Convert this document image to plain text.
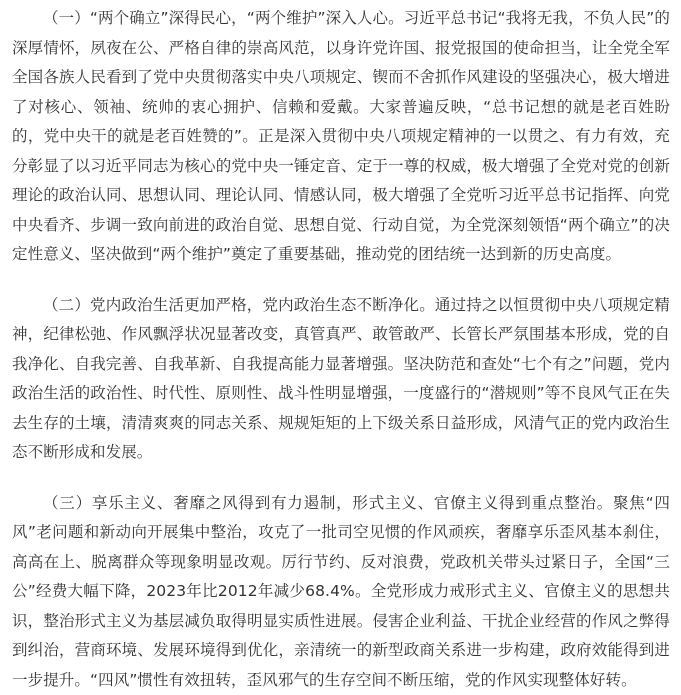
（一）“两个确立”深得民心，“两个维护”深入人心。习近平总书记“我将无我，不负人民”的深厚情怀，夙夜在公、严格自律的崇高风范，以身许党许国、报党报国的使命担当，让全党全军全国各族人民看到了党中央贯彻落实中央八项规定、锲而不舍抓作风建设的坚强决心，极大增进了对核心、领袖、统帅的衷心拥护、信赖和爱戴。大家普遍反映，“总书记想的就是老百姓盼的，党中央干的就是老百姓赞的”。正是深入贯彻中央八项规定精神的一以贯之、有力有效，充分彰显了以习近平同志为核心的党中央一锤定音、定于一尊的权威，极大增强了全党对党的创新理论的政治认同、思想认同、理论认同、情感认同，极大增强了全党听习近平总书记指挥、向党中央看齐、步调一致向前进的政治自觉、思想自觉、行动自觉，为全党深刻领悟“两个确立”的决定性意义、坚决做到“两个维护”奠定了重要基础，推动党的团结统一达到新的历史高度。

（二）党内政治生活更加严格，党内政治生态不断净化。通过持之以恒贯彻中央八项规定精神，纪律松弛、作风飘浮状况显著改变，真管真严、敢管敢严、长管长严氛围基本形成，党的自我净化、自我完善、自我革新、自我提高能力显著增强。坚决防范和查处“七个有之”问题，党内政治生活的政治性、时代性、原则性、战斗性明显增强，一度盛行的“潜规则”等不良风气正在失去生存的土壤，清清爽爽的同志关系、规规矩矩的上下级关系日益形成，风清气正的党内政治生态不断形成和发展。

（三）享乐主义、奢靡之风得到有力遏制，形式主义、官僚主义得到重点整治。聚焦“四风”老问题和新动向开展集中整治，攻克了一批司空见惯的作风顽疾，奢靡享乐歪风基本刹住，高高在上、脱离群众等现象明显改观。厉行节约、反对浪费，党政机关带头过紧日子，全国“三公”经费大幅下降，2023年比2012年减少68.4%。全党形成力戒形式主义、官僚主义的思想共识，整治形式主义为基层减负取得明显实质性进展。侵害企业利益、干扰企业经营的作风之弊得到纠治，营商环境、发展环境得到优化，亲清统一的新型政商关系进一步构建，政府效能得到进一步提升。“四风”惯性有效扭转，歪风邪气的生存空间不断压缩，党的作风实现整体好转。
